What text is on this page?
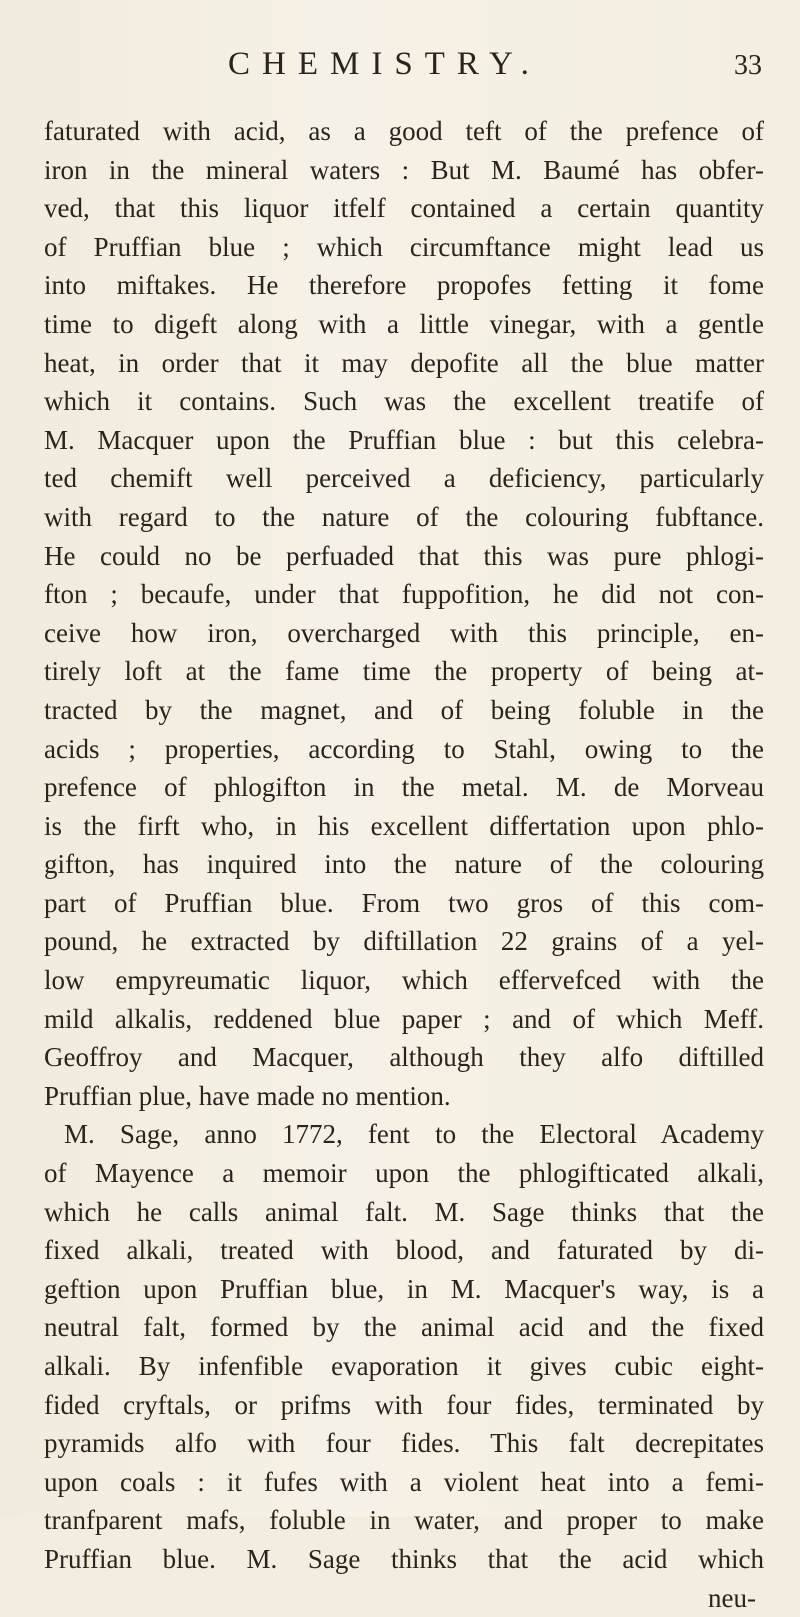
CHEMISTRY.	33
faturated with acid, as a good teft of the prefence of
iron in the mineral waters : But M. Baumé has obfer-
ved, that this liquor itfelf contained a certain quantity
of Pruffian blue ; which circumftance might lead us
into miftakes. He therefore propofes fetting it fome
time to digeft along with a little vinegar, with a gentle
heat, in order that it may depofite all the blue matter
which it contains. Such was the excellent treatife of
M. Macquer upon the Pruffian blue : but this celebra-
ted chemift well perceived a deficiency, particularly
with regard to the nature of the colouring fubftance.
He could no be perfuaded that this was pure phlogi-
fton ; becaufe, under that fuppofition, he did not con-
ceive how iron, overcharged with this principle, en-
tirely loft at the fame time the property of being at-
tracted by the magnet, and of being foluble in the
acids ; properties, according to Stahl, owing to the
prefence of phlogifton in the metal. M. de Morveau
is the firft who, in his excellent differtation upon phlo-
gifton, has inquired into the nature of the colouring
part of Pruffian blue. From two gros of this com-
pound, he extracted by diftillation 22 grains of a yel-
low empyreumatic liquor, which effervefced with the
mild alkalis, reddened blue paper ; and of which Meff.
Geoffroy and Macquer, although they alfo diftilled
Pruffian plue, have made no mention.
M. Sage, anno 1772, fent to the Electoral Academy
of Mayence a memoir upon the phlogifticated alkali,
which he calls animal falt. M. Sage thinks that the
fixed alkali, treated with blood, and faturated by di-
geftion upon Pruffian blue, in M. Macquer's way, is a
neutral falt, formed by the animal acid and the fixed
alkali. By infenfible evaporation it gives cubic eight-
fided cryftals, or prifms with four fides, terminated by
pyramids alfo with four fides. This falt decrepitates
upon coals : it fufes with a violent heat into a femi-
tranfparent mafs, foluble in water, and proper to make
Pruffian blue. M. Sage thinks that the acid which
neu-
